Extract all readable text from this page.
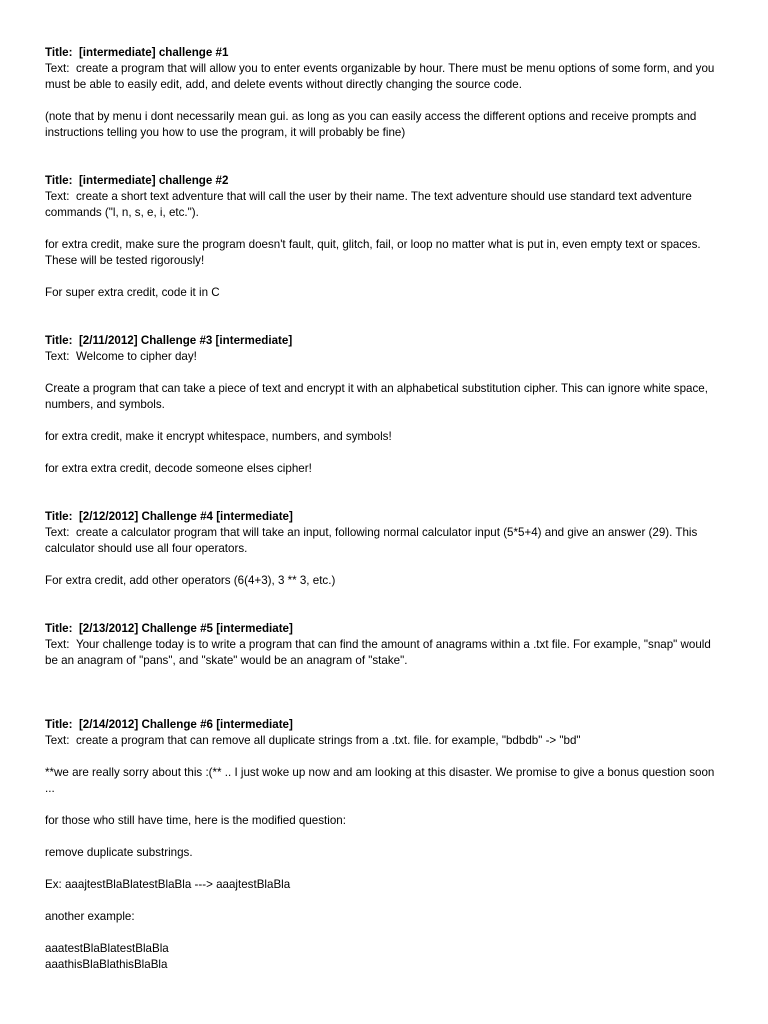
Title: [intermediate] challenge #1

Text: create a program that will allow you to enter events organizable by hour. There must be menu options of some form, and you must be able to easily edit, add, and delete events without directly changing the source code.

(note that by menu i dont necessarily mean gui. as long as you can easily access the different options and receive prompts and instructions telling you how to use the program, it will probably be fine)

Title: [intermediate] challenge #2

Text: create a short text adventure that will call the user by their name. The text adventure should use standard text adventure commands ("l, n, s, e, i, etc.").

for extra credit, make sure the program doesn't fault, quit, glitch, fail, or loop no matter what is put in, even empty text or spaces. These will be tested rigorously!

For super extra credit, code it in C

Title: [2/11/2012] Challenge #3 [intermediate]

Text: Welcome to cipher day!

Create a program that can take a piece of text and encrypt it with an alphabetical substitution cipher. This can ignore white space, numbers, and symbols.

for extra credit, make it encrypt whitespace, numbers, and symbols!

for extra extra credit, decode someone elses cipher!

Title: [2/12/2012] Challenge #4 [intermediate]

Text: create a calculator program that will take an input, following normal calculator input (5*5+4) and give an answer (29). This calculator should use all four operators.

For extra credit, add other operators (6(4+3), 3 ** 3, etc.)

Title: [2/13/2012] Challenge #5 [intermediate]

Text: Your challenge today is to write a program that can find the amount of anagrams within a .txt file. For example, "snap" would be an anagram of "pans", and "skate" would be an anagram of "stake".

Title: [2/14/2012] Challenge #6 [intermediate]

Text: create a program that can remove all duplicate strings from a .txt. file. for example, "bdbdb" -> "bd"

**we are really sorry about this :(** .. I just woke up now and am looking at this disaster. We promise to give a bonus question soon ...

for those who still have time, here is the modified question:

remove duplicate substrings.

Ex: aaajtestBlaBlatestBlaBla ---> aaajtestBlaBla

another example:

aaatestBlaBlatestBlaBla

aaathisBlaBlathisBlaBla
